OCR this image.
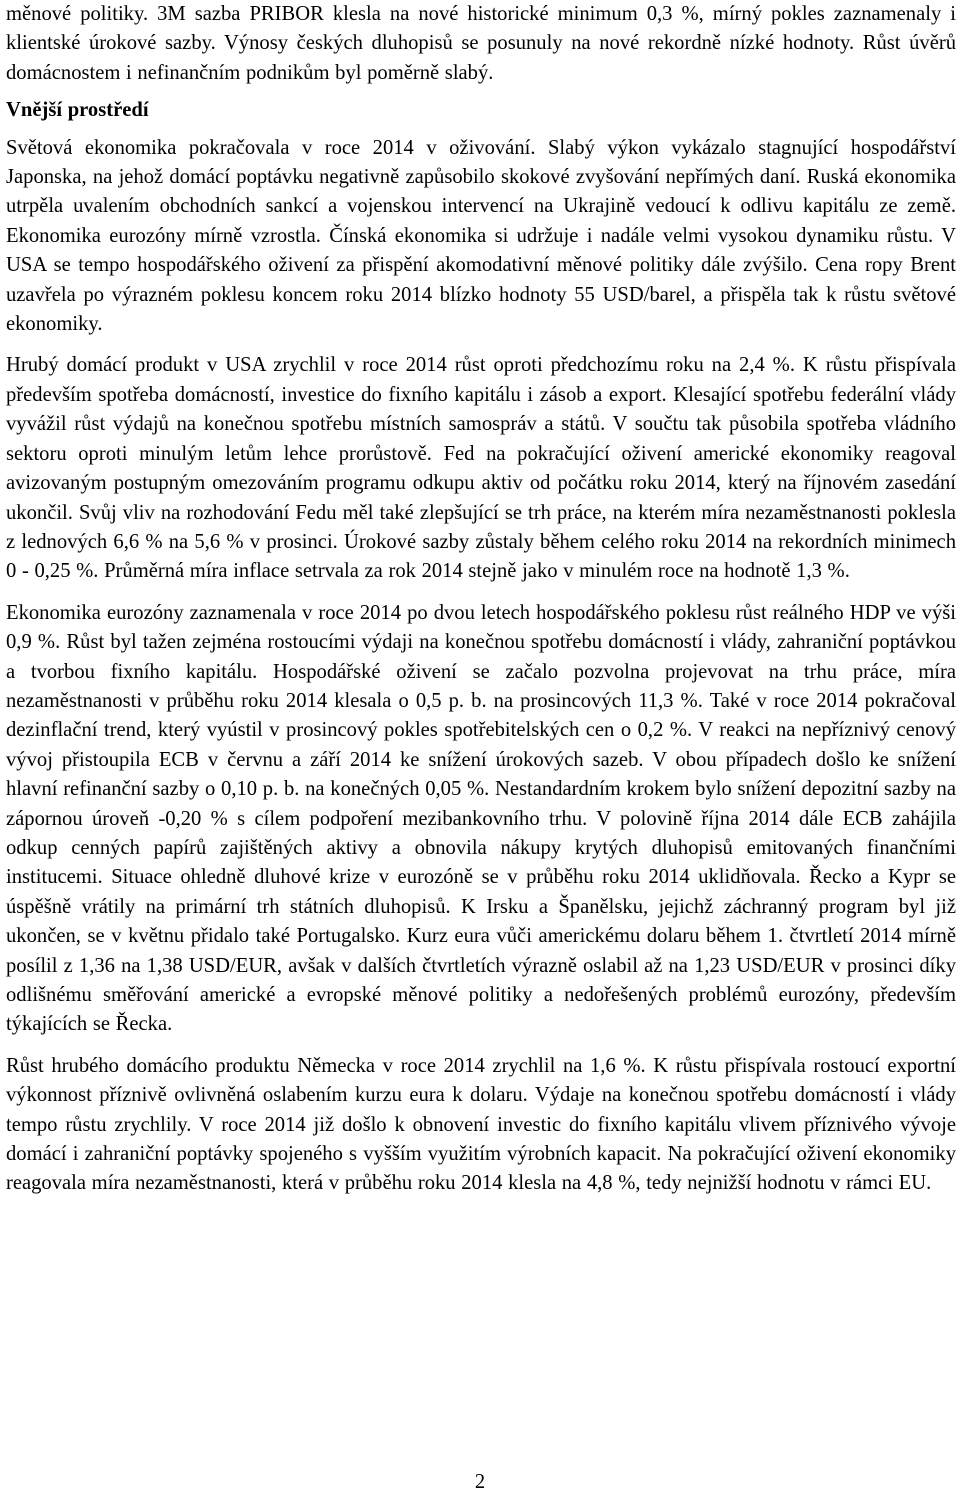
měnové politiky. 3M sazba PRIBOR klesla na nové historické minimum 0,3 %, mírný pokles zaznamenaly i klientské úrokové sazby. Výnosy českých dluhopisů se posunuly na nové rekordně nízké hodnoty. Růst úvěrů domácnostem i nefinančním podnikům byl poměrně slabý.

Vnější prostředí

Světová ekonomika pokračovala v roce 2014 v oživování. Slabý výkon vykázalo stagnující hospodářství Japonska, na jehož domácí poptávku negativně zapůsobilo skokové zvyšování nepřímých daní. Ruská ekonomika utrpěla uvalením obchodních sankcí a vojenskou intervencí na Ukrajině vedoucí k odlivu kapitálu ze země. Ekonomika eurozóny mírně vzrostla. Čínská ekonomika si udržuje i nadále velmi vysokou dynamiku růstu. V USA se tempo hospodářského oživení za přispění akomodativní měnové politiky dále zvýšilo. Cena ropy Brent uzavřela po výrazném poklesu koncem roku 2014 blízko hodnoty 55 USD/barel, a přispěla tak k růstu světové ekonomiky.

Hrubý domácí produkt v USA zrychlil v roce 2014 růst oproti předchozímu roku na 2,4 %. K růstu přispívala především spotřeba domácností, investice do fixního kapitálu i zásob a export. Klesající spotřebu federální vlády vyvážil růst výdajů na konečnou spotřebu místních samospráv a států. V součtu tak působila spotřeba vládního sektoru oproti minulým letům lehce prorůstově. Fed na pokračující oživení americké ekonomiky reagoval avizovaným postupným omezováním programu odkupu aktiv od počátku roku 2014, který na říjnovém zasedání ukončil. Svůj vliv na rozhodování Fedu měl také zlepšující se trh práce, na kterém míra nezaměstnanosti poklesla z lednových 6,6 % na 5,6 % v prosinci. Úrokové sazby zůstaly během celého roku 2014 na rekordních minimech 0 - 0,25 %. Průměrná míra inflace setrvala za rok 2014 stejně jako v minulém roce na hodnotě 1,3 %.

Ekonomika eurozóny zaznamenala v roce 2014 po dvou letech hospodářského poklesu růst reálného HDP ve výši 0,9 %. Růst byl tažen zejména rostoucími výdaji na konečnou spotřebu domácností i vlády, zahraniční poptávkou a tvorbou fixního kapitálu. Hospodářské oživení se začalo pozvolna projevovat na trhu práce, míra nezaměstnanosti v průběhu roku 2014 klesala o 0,5 p. b. na prosincových 11,3 %. Také v roce 2014 pokračoval dezinflační trend, který vyústil v prosincový pokles spotřebitelských cen o 0,2 %. V reakci na nepříznivý cenový vývoj přistoupila ECB v červnu a září 2014 ke snížení úrokových sazeb. V obou případech došlo ke snížení hlavní refinanční sazby o 0,10 p. b. na konečných 0,05 %. Nestandardním krokem bylo snížení depozitní sazby na zápornou úroveň -0,20 % s cílem podpoření mezibankovního trhu. V polovině října 2014 dále ECB zahájila odkup cenných papírů zajištěných aktivy a obnovila nákupy krytých dluhopisů emitovaných finančními institucemi. Situace ohledně dluhové krize v eurozóně se v průběhu roku 2014 uklidňovala. Řecko a Kypr se úspěšně vrátily na primární trh státních dluhopisů. K Irsku a Španělsku, jejichž záchranný program byl již ukončen, se v květnu přidalo také Portugalsko. Kurz eura vůči americkému dolaru během 1. čtvrtletí 2014 mírně posílil z 1,36 na 1,38 USD/EUR, avšak v dalších čtvrtletích výrazně oslabil až na 1,23 USD/EUR v prosinci díky odlišnému směřování americké a evropské měnové politiky a nedořešených problémů eurozóny, především týkajících se Řecka.

Růst hrubého domácího produktu Německa v roce 2014 zrychlil na 1,6 %. K růstu přispívala rostoucí exportní výkonnost příznivě ovlivněná oslabením kurzu eura k dolaru. Výdaje na konečnou spotřebu domácností i vlády tempo růstu zrychlily. V roce 2014 již došlo k obnovení investic do fixního kapitálu vlivem příznivého vývoje domácí i zahraniční poptávky spojeného s vyšším využitím výrobních kapacit. Na pokračující oživení ekonomiky reagovala míra nezaměstnanosti, která v průběhu roku 2014 klesla na 4,8 %, tedy nejnižší hodnotu v rámci EU.

2
